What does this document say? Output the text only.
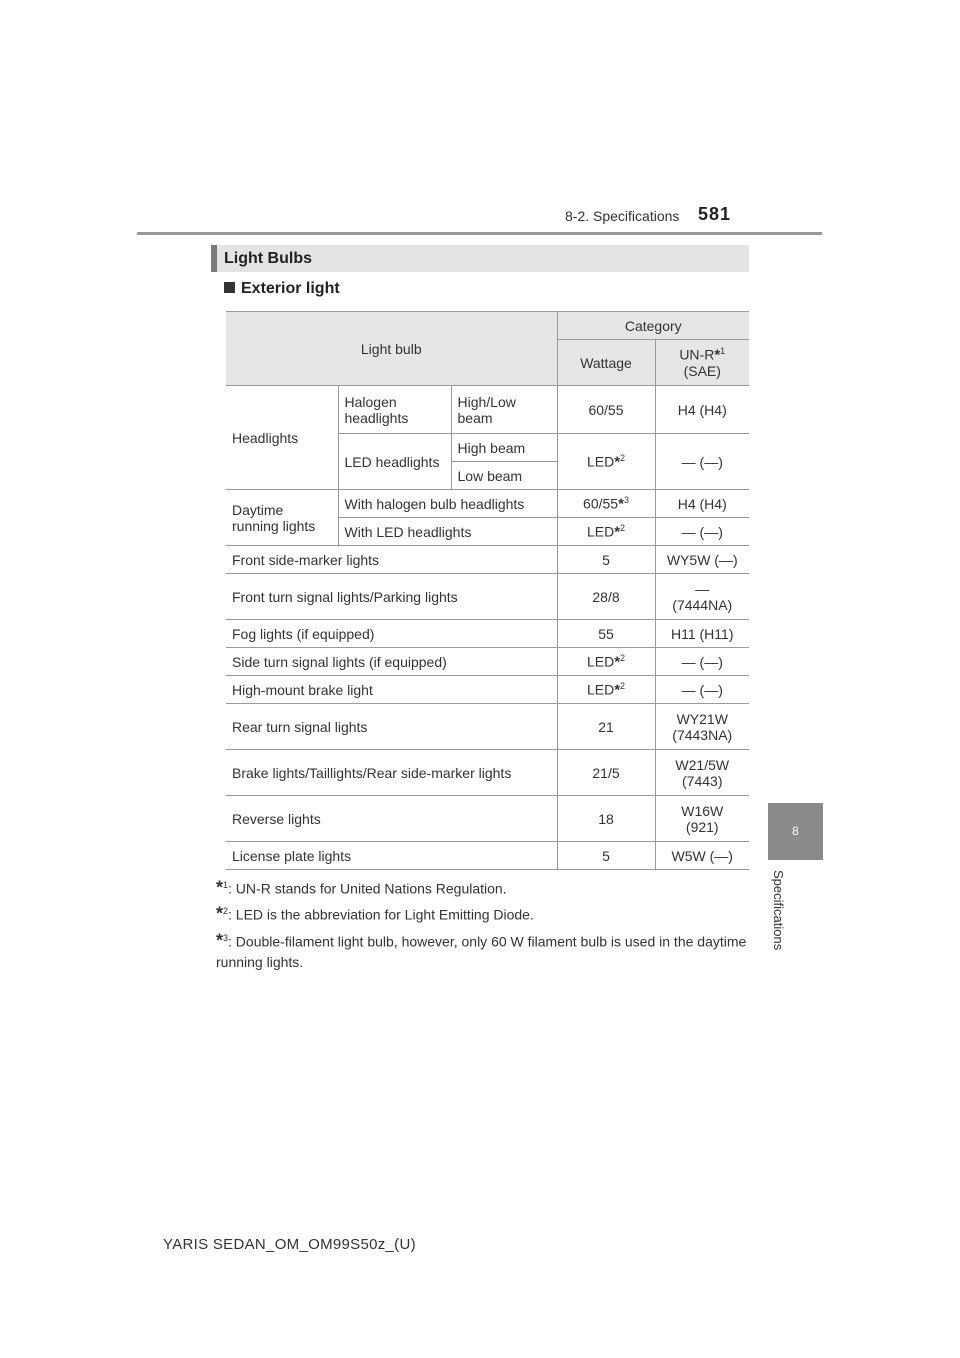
8-2. Specifications 581
8
Specifications
Light Bulbs
Exterior light
Light bulb			Category	
			Wattage	UN-R*$^1$
(SAE)
Headlights	Halogen headlights	High/Low beam	60/55	H4 (H4)
	LED headlights	High beam	LED*$^2$	— (—)
		Low beam		
Daytime running lights	With halogen bulb headlights		60/55*$^3$	H4 (H4)
	With LED headlights		LED*$^2$	— (—)
Front side-marker lights			5	WY5W (—)
Front turn signal lights/Parking lights			28/8	—
(7444NA)
Fog lights (if equipped)			55	H11 (H11)
Side turn signal lights (if equipped)			LED*$^2$	— (—)
High-mount brake light			LED*$^2$	— (—)
Rear turn signal lights			21	WY21W
(7443NA)
Brake lights/Taillights/Rear side-marker lights			21/5	W21/5W
(7443)
Reverse lights			18	W16W
(921)
License plate lights			5	W5W (—)
*$^1$: UN-R stands for United Nations Regulation.
*$^2$: LED is the abbreviation for Light Emitting Diode.
*$^3$: Double-filament light bulb, however, only 60 W filament bulb is used in the daytime running lights.
YARIS SEDAN_OM_OM99S50z_(U)
